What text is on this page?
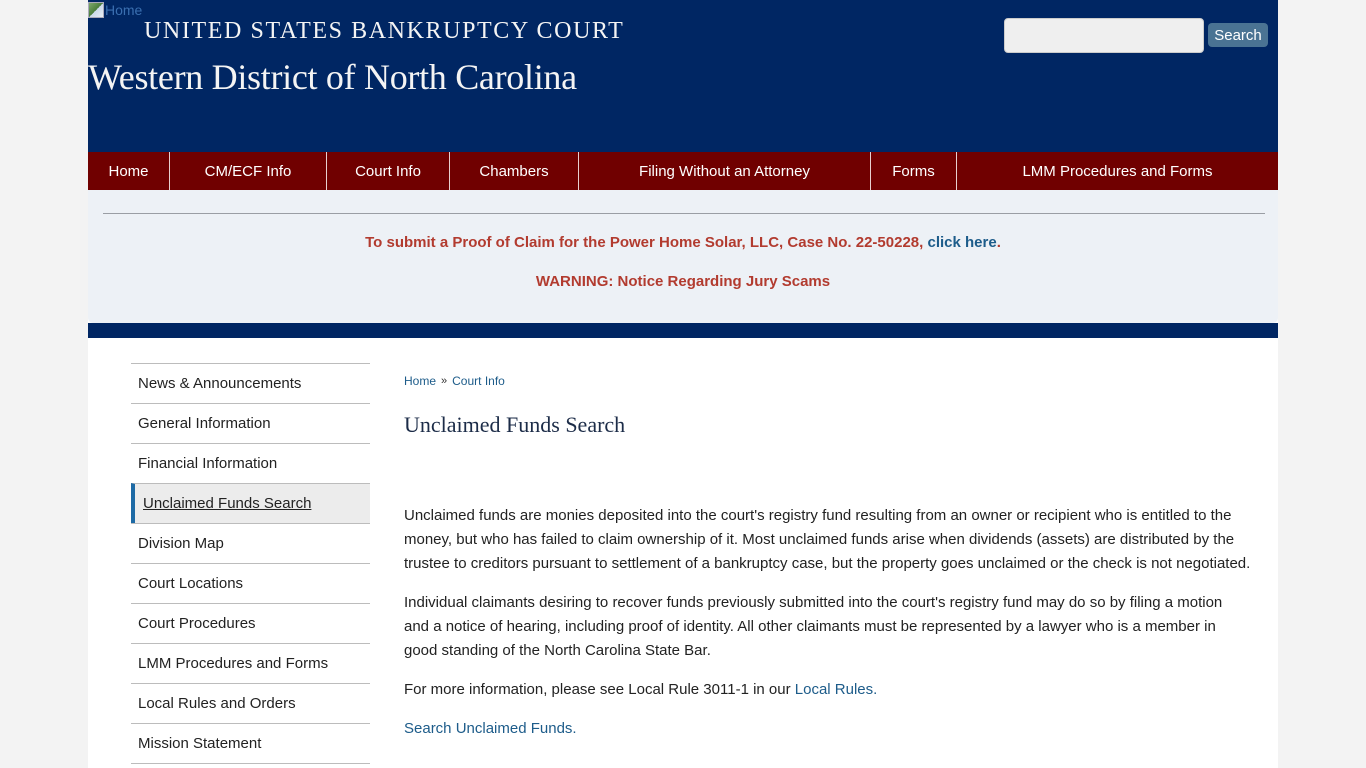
Home
UNITED STATES BANKRUPTCY COURT
Western District of North Carolina
Search
Home	CM/ECF Info	Court Info	Chambers	Filing Without an Attorney	Forms	LMM Procedures and Forms
To submit a Proof of Claim for the Power Home Solar, LLC, Case No. 22-50228, click here.
WARNING: Notice Regarding Jury Scams
News & Announcements
General Information
Financial Information
Unclaimed Funds Search
Division Map
Court Locations
Court Procedures
LMM Procedures and Forms
Local Rules and Orders
Mission Statement
Home » Court Info
Unclaimed Funds Search

Unclaimed funds are monies deposited into the court's registry fund resulting from an owner or recipient who is entitled to the money, but who has failed to claim ownership of it. Most unclaimed funds arise when dividends (assets) are distributed by the trustee to creditors pursuant to settlement of a bankruptcy case, but the property goes unclaimed or the check is not negotiated.

Individual claimants desiring to recover funds previously submitted into the court's registry fund may do so by filing a motion and a notice of hearing, including proof of identity. All other claimants must be represented by a lawyer who is a member in good standing of the North Carolina State Bar.

For more information, please see Local Rule 3011-1 in our Local Rules.

Search Unclaimed Funds.
